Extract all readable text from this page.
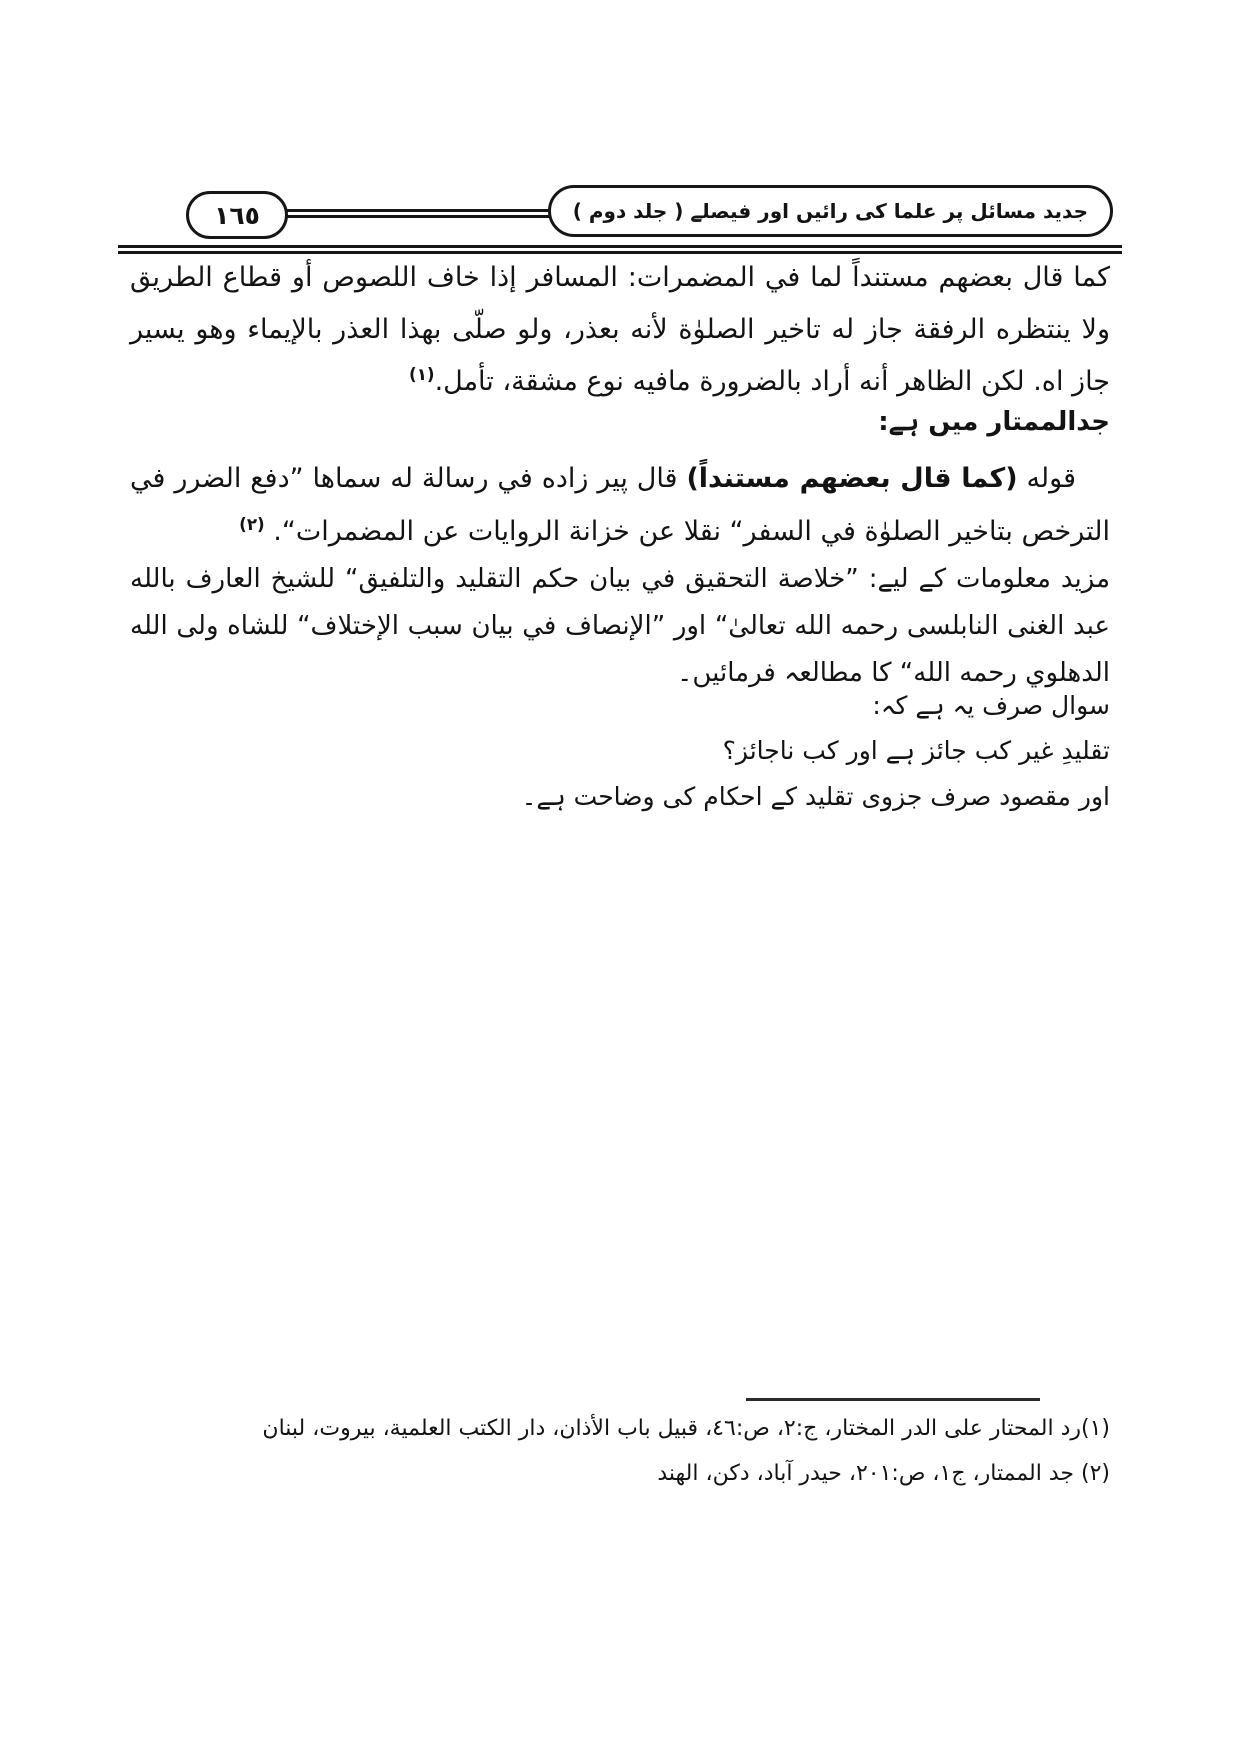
١٦٥	جدید مسائل پر علما کی رائیں اور فیصلے ( جلد دوم )

كما قال بعضهم مستنداً لما في المضمرات: المسافر إذا خاف اللصوص أو قطاع الطريق ولا ينتظره الرفقة جاز له تاخير الصلوٰة لأنه بعذر، ولو صلّى بهذا العذر بالإيماء وهو يسير جاز اه. لكن الظاهر أنه أراد بالضرورة مافيه نوع مشقة، تأمل.$^{(١)}$

جدالممتار میں ہے:

قوله (كما قال بعضهم مستنداً) قال پیر زاده في رسالة له سماها ”دفع الضرر في الترخص بتاخير الصلوٰة في السفر“ نقلا عن خزانة الروايات عن المضمرات“. $^{(٢)}$

مزید معلومات کے لیے: ”خلاصة التحقيق في بيان حكم التقليد والتلفيق“ للشيخ العارف بالله عبد الغنى النابلسى رحمه الله تعالىٰ“ اور ”الإنصاف في بيان سبب الإختلاف“ للشاه ولى الله الدهلوي رحمه الله“ کا مطالعہ فرمائیں۔

سوال صرف یہ ہے کہ:

تقلیدِ غیر کب جائز ہے اور کب ناجائز؟

اور مقصود صرف جزوی تقلید کے احکام کی وضاحت ہے۔

(١)رد المحتار على الدر المختار، ج:٢، ص:٤٦، قبيل باب الأذان، دار الكتب العلمية، بيروت، لبنان

(٢) جد الممتار، ج١، ص:٢٠١، حيدر آباد، دكن، الهند
